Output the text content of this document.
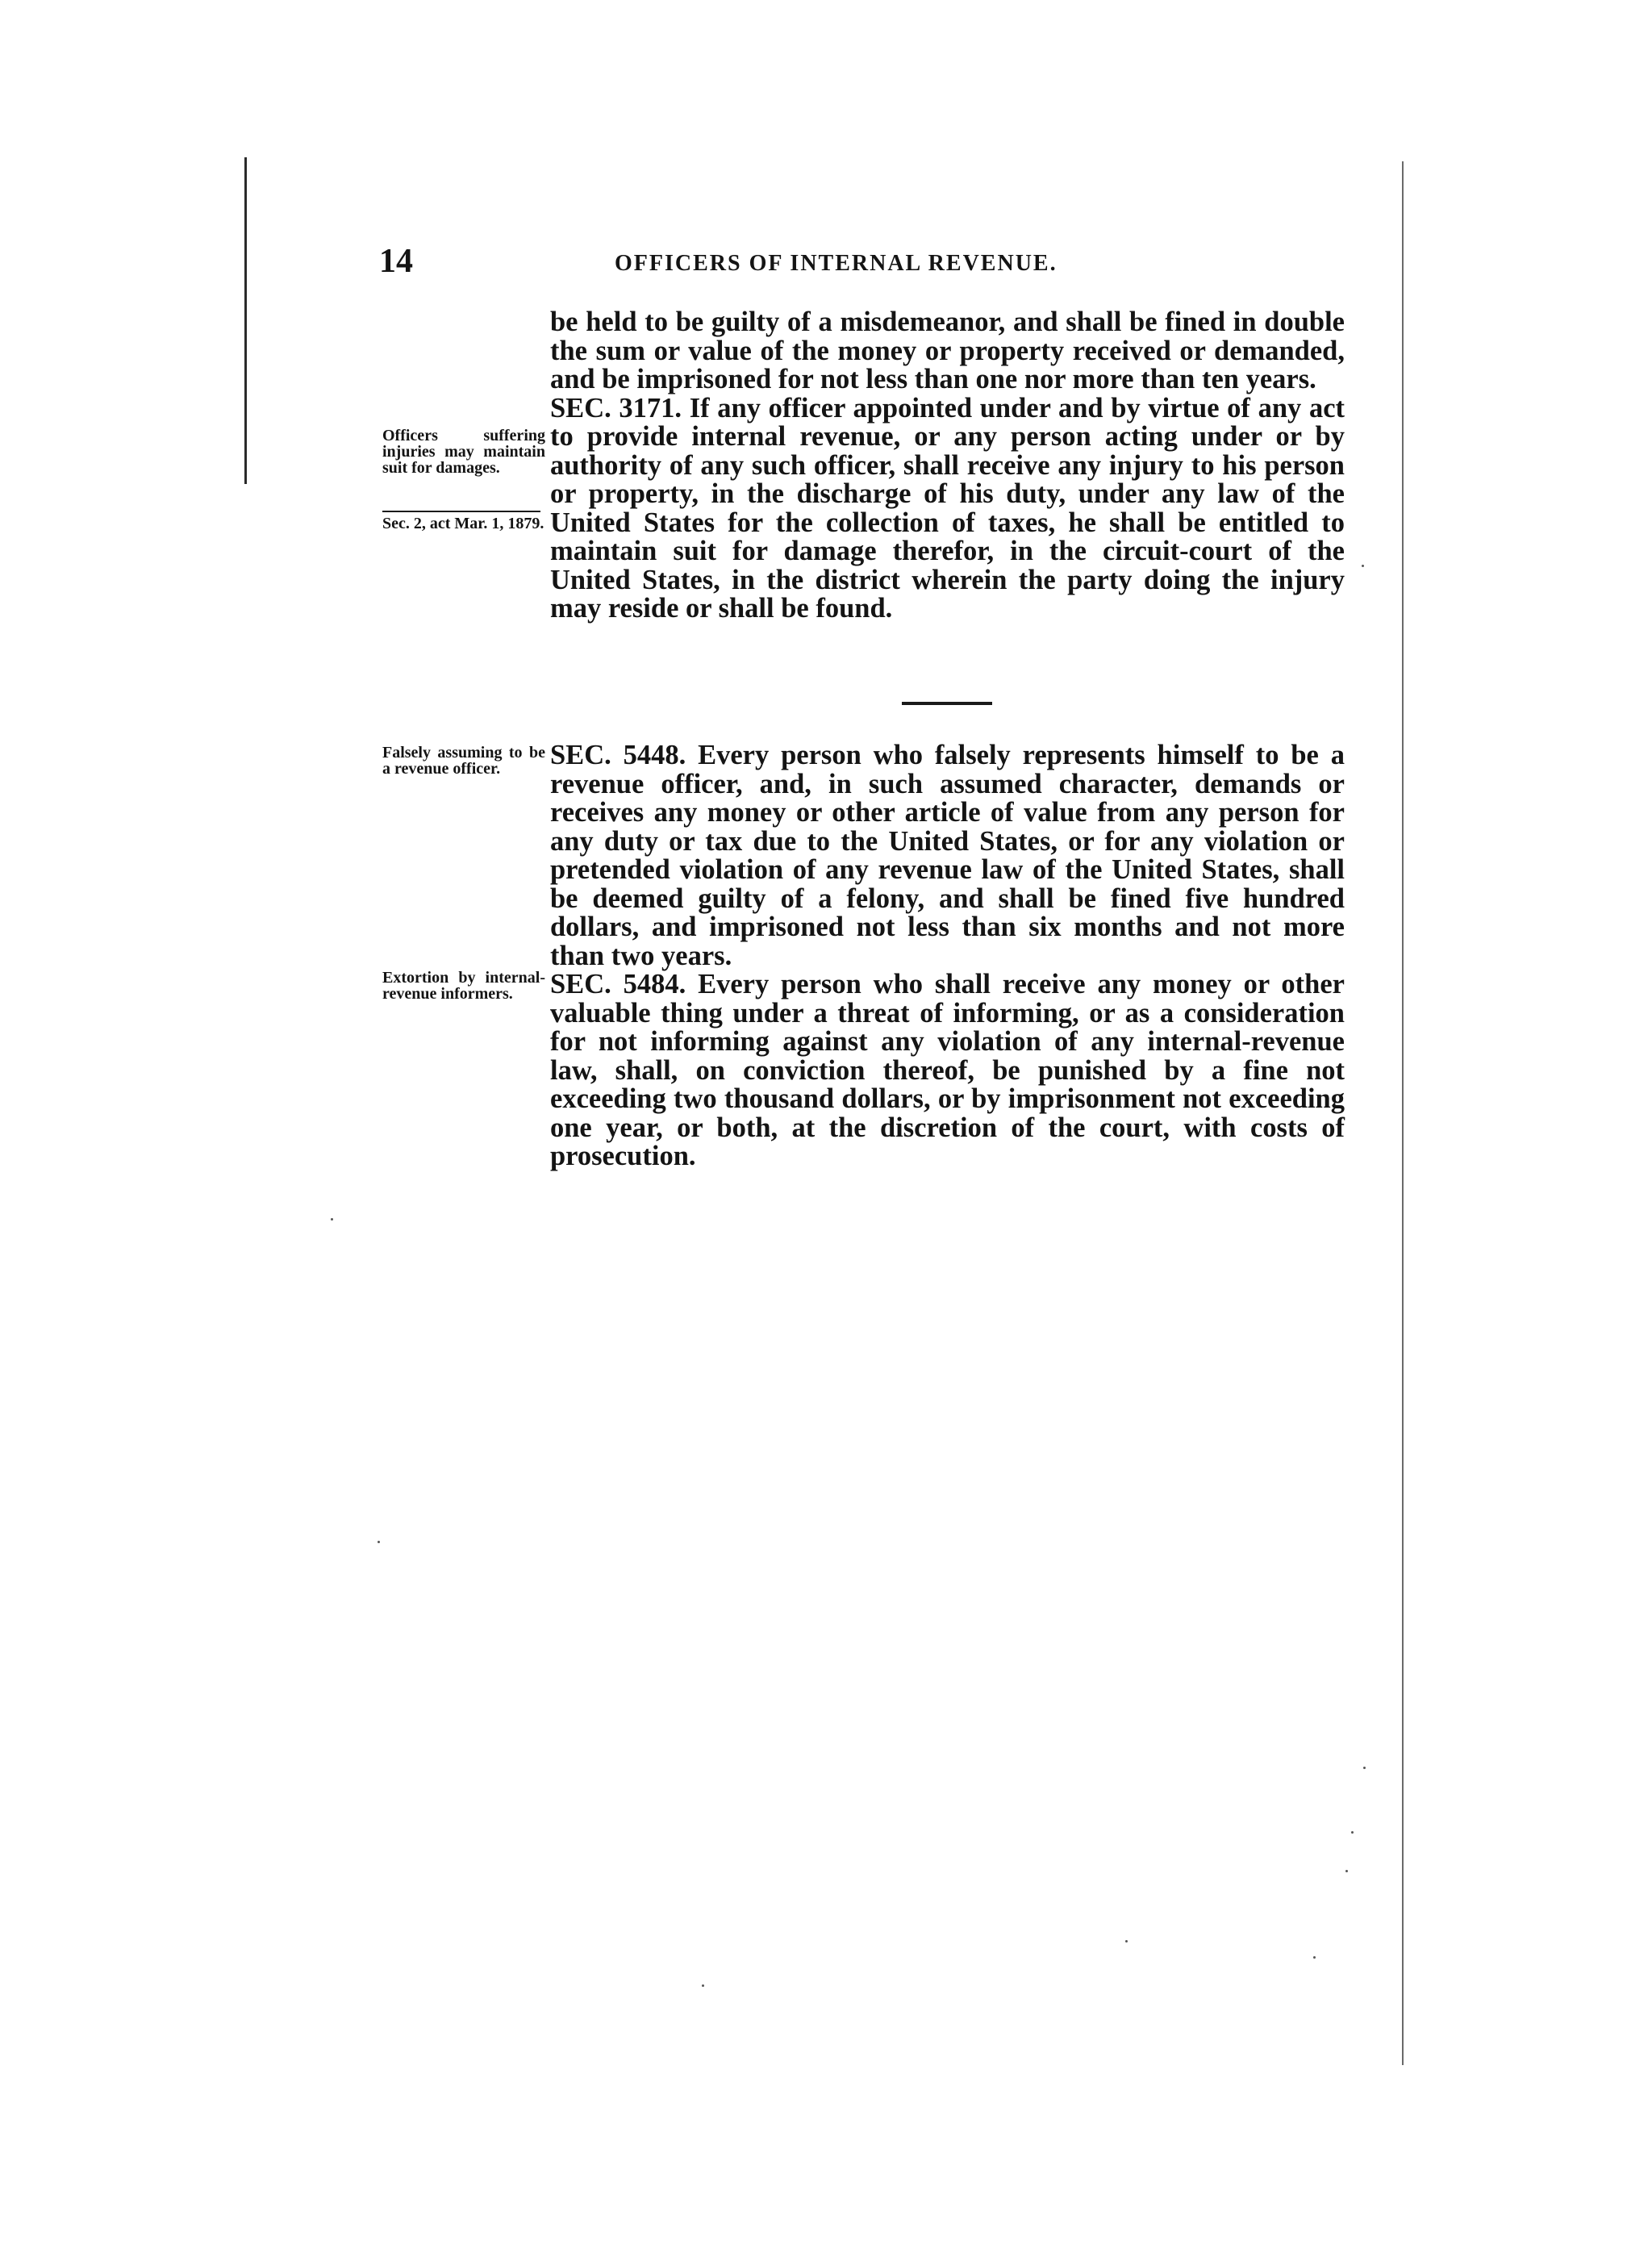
14	OFFICERS OF INTERNAL REVENUE.

be held to be guilty of a misdemeanor, and shall be fined in double the sum or value of the money or property received or demanded, and be imprisoned for not less than one nor more than ten years.

SEC. 3171. If any officer appointed under and by virtue of any act to provide internal revenue, or any person acting under or by authority of any such officer, shall receive any injury to his person or property, in the discharge of his duty, under any law of the United States for the collection of taxes, he shall be entitled to maintain suit for damage therefor, in the circuit-court of the United States, in the district wherein the party doing the injury may reside or shall be found.

Officers suffering injuries may maintain suit for damages.
Sec. 2, act Mar. 1, 1879.

SEC. 5448. Every person who falsely represents himself to be a revenue officer, and, in such assumed character, demands or receives any money or other article of value from any person for any duty or tax due to the United States, or for any violation or pretended violation of any revenue law of the United States, shall be deemed guilty of a felony, and shall be fined five hundred dollars, and imprisoned not less than six months and not more than two years.

SEC. 5484. Every person who shall receive any money or other valuable thing under a threat of informing, or as a consideration for not informing against any violation of any internal-revenue law, shall, on conviction thereof, be punished by a fine not exceeding two thousand dollars, or by imprisonment not exceeding one year, or both, at the discretion of the court, with costs of prosecution.

Falsely assuming to be a revenue officer.
Extortion by internal-revenue informers.
